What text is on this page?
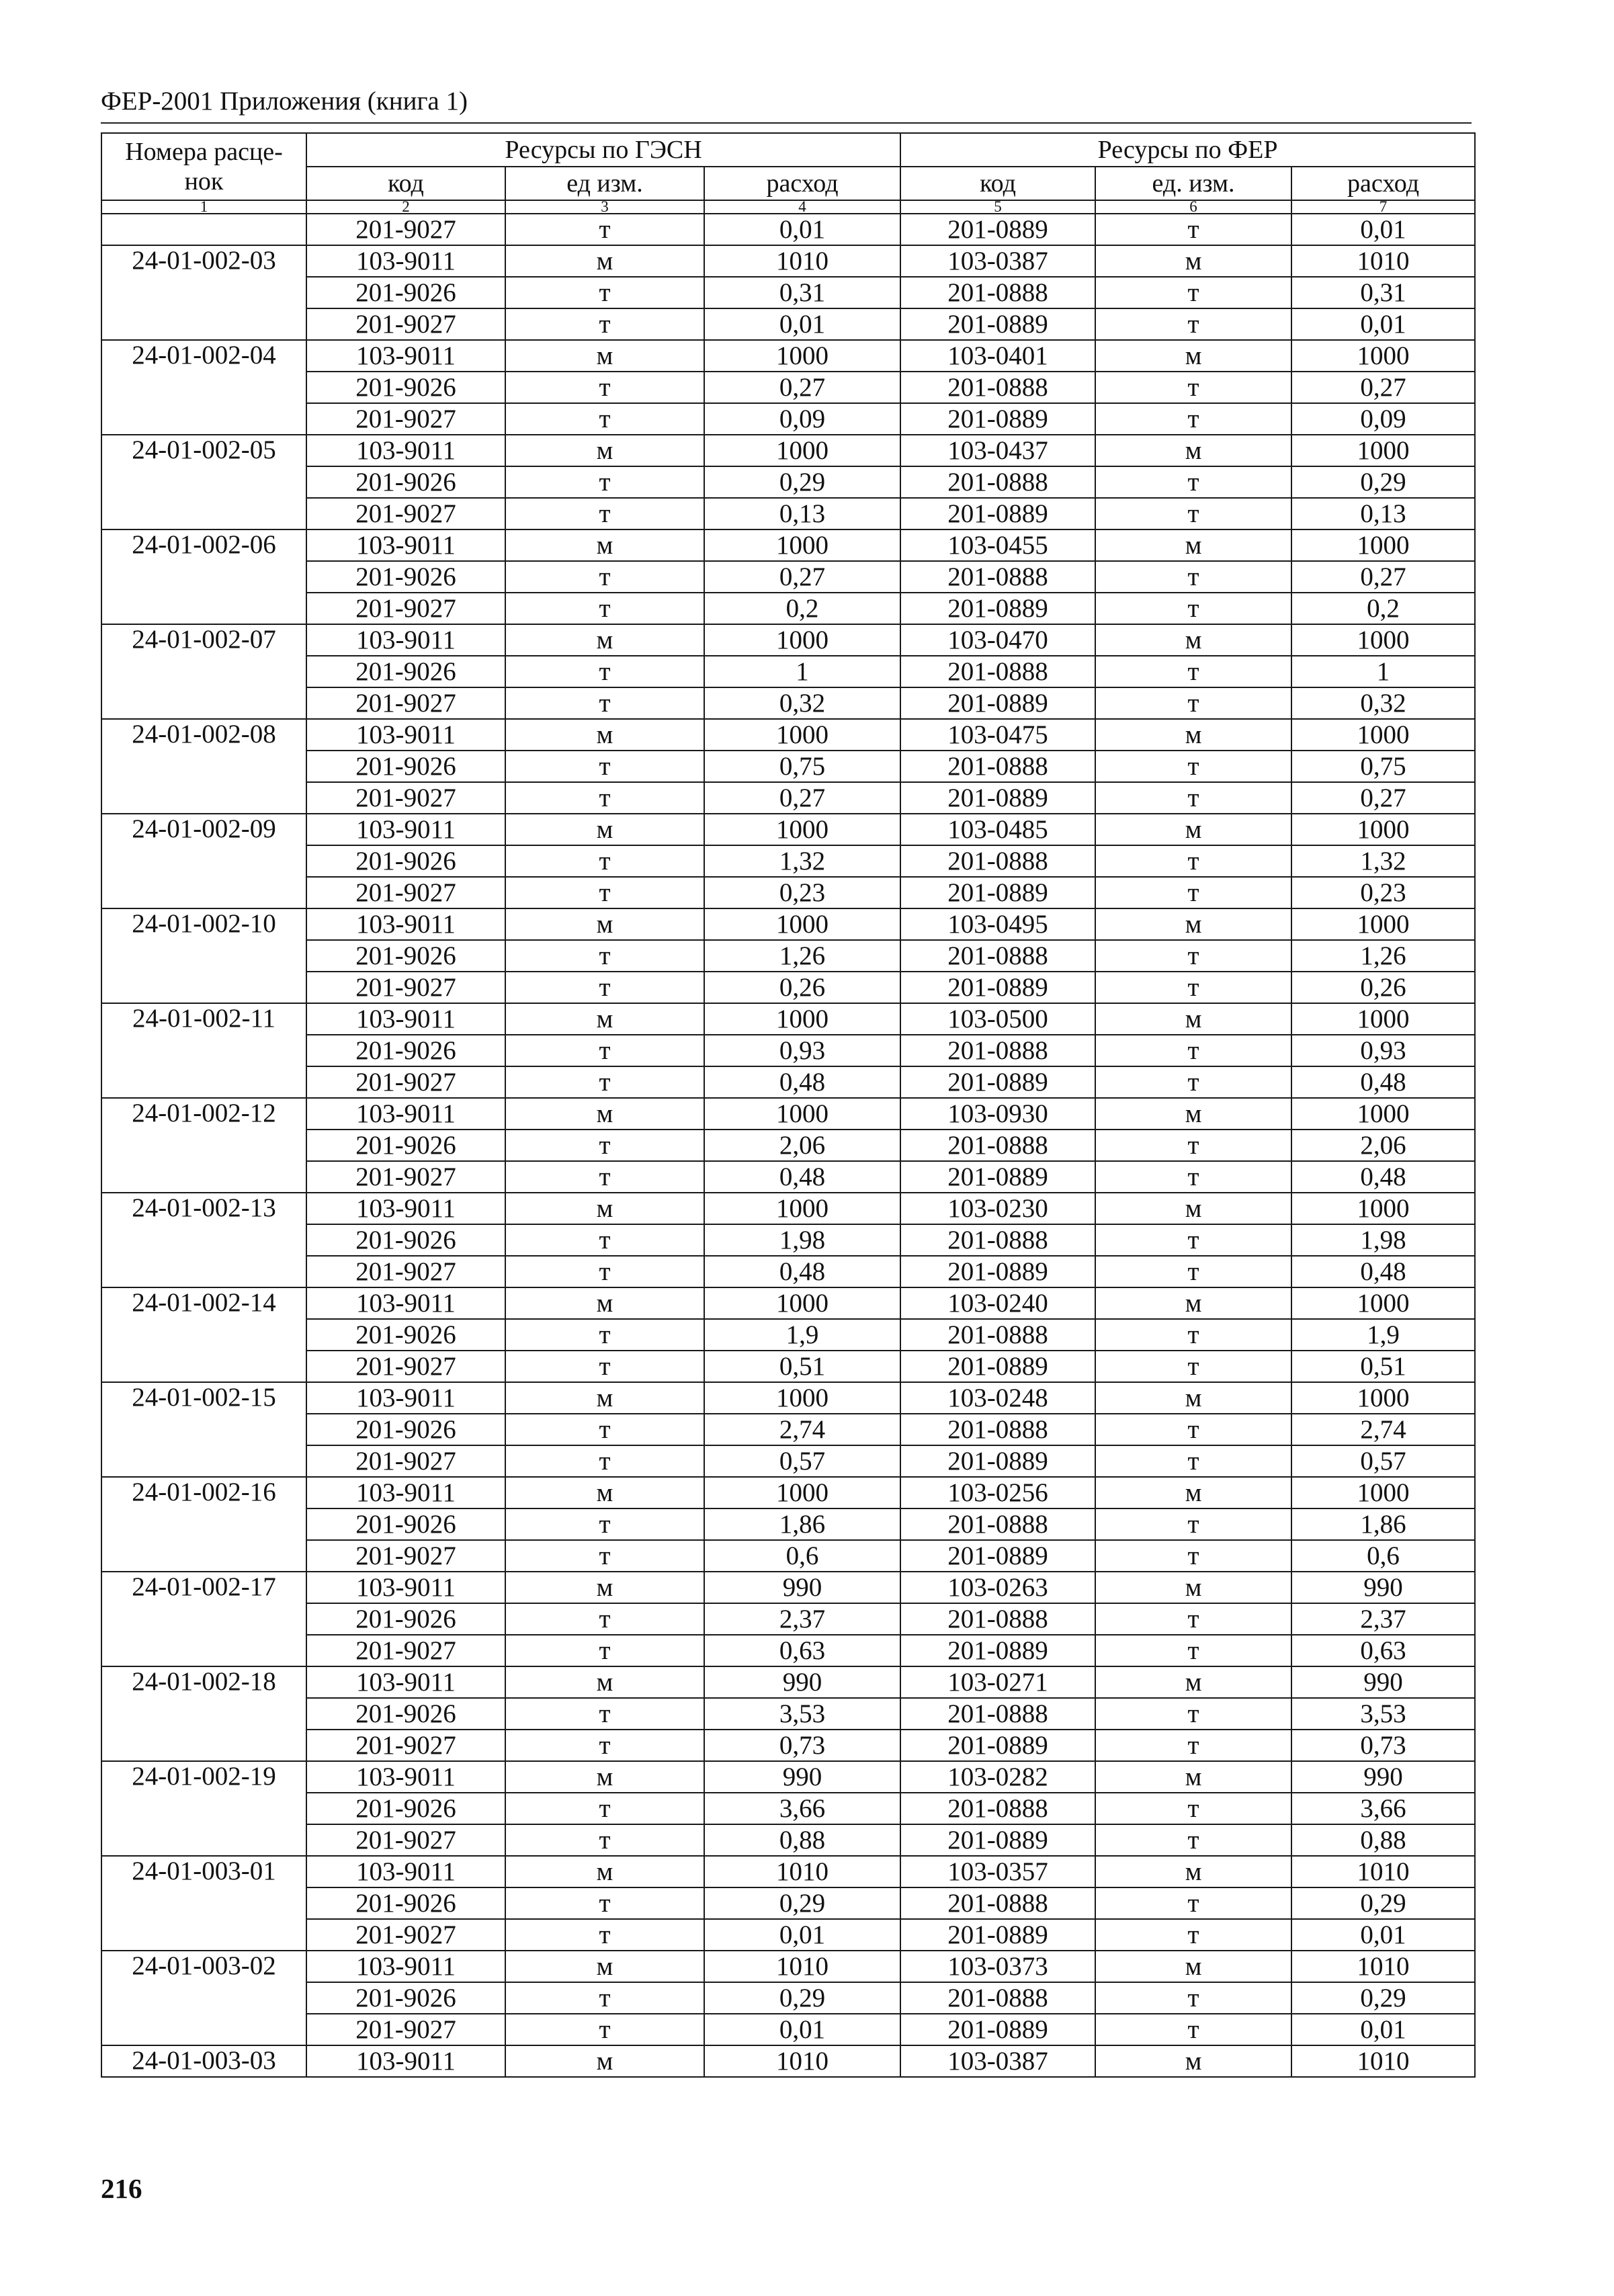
ФЕР-2001 Приложения (книга 1)
Номера расце-
нок	Ресурсы по ГЭСН			Ресурсы по ФЕР		
	код	ед изм.	расход	код	ед. изм.	расход
1	2	3	4	5	6	7
	201-9027	т	0,01	201-0889	т	0,01
24-01-002-03	103-9011	м	1010	103-0387	м	1010
	201-9026	т	0,31	201-0888	т	0,31
	201-9027	т	0,01	201-0889	т	0,01
24-01-002-04	103-9011	м	1000	103-0401	м	1000
	201-9026	т	0,27	201-0888	т	0,27
	201-9027	т	0,09	201-0889	т	0,09
24-01-002-05	103-9011	м	1000	103-0437	м	1000
	201-9026	т	0,29	201-0888	т	0,29
	201-9027	т	0,13	201-0889	т	0,13
24-01-002-06	103-9011	м	1000	103-0455	м	1000
	201-9026	т	0,27	201-0888	т	0,27
	201-9027	т	0,2	201-0889	т	0,2
24-01-002-07	103-9011	м	1000	103-0470	м	1000
	201-9026	т	1	201-0888	т	1
	201-9027	т	0,32	201-0889	т	0,32
24-01-002-08	103-9011	м	1000	103-0475	м	1000
	201-9026	т	0,75	201-0888	т	0,75
	201-9027	т	0,27	201-0889	т	0,27
24-01-002-09	103-9011	м	1000	103-0485	м	1000
	201-9026	т	1,32	201-0888	т	1,32
	201-9027	т	0,23	201-0889	т	0,23
24-01-002-10	103-9011	м	1000	103-0495	м	1000
	201-9026	т	1,26	201-0888	т	1,26
	201-9027	т	0,26	201-0889	т	0,26
24-01-002-11	103-9011	м	1000	103-0500	м	1000
	201-9026	т	0,93	201-0888	т	0,93
	201-9027	т	0,48	201-0889	т	0,48
24-01-002-12	103-9011	м	1000	103-0930	м	1000
	201-9026	т	2,06	201-0888	т	2,06
	201-9027	т	0,48	201-0889	т	0,48
24-01-002-13	103-9011	м	1000	103-0230	м	1000
	201-9026	т	1,98	201-0888	т	1,98
	201-9027	т	0,48	201-0889	т	0,48
24-01-002-14	103-9011	м	1000	103-0240	м	1000
	201-9026	т	1,9	201-0888	т	1,9
	201-9027	т	0,51	201-0889	т	0,51
24-01-002-15	103-9011	м	1000	103-0248	м	1000
	201-9026	т	2,74	201-0888	т	2,74
	201-9027	т	0,57	201-0889	т	0,57
24-01-002-16	103-9011	м	1000	103-0256	м	1000
	201-9026	т	1,86	201-0888	т	1,86
	201-9027	т	0,6	201-0889	т	0,6
24-01-002-17	103-9011	м	990	103-0263	м	990
	201-9026	т	2,37	201-0888	т	2,37
	201-9027	т	0,63	201-0889	т	0,63
24-01-002-18	103-9011	м	990	103-0271	м	990
	201-9026	т	3,53	201-0888	т	3,53
	201-9027	т	0,73	201-0889	т	0,73
24-01-002-19	103-9011	м	990	103-0282	м	990
	201-9026	т	3,66	201-0888	т	3,66
	201-9027	т	0,88	201-0889	т	0,88
24-01-003-01	103-9011	м	1010	103-0357	м	1010
	201-9026	т	0,29	201-0888	т	0,29
	201-9027	т	0,01	201-0889	т	0,01
24-01-003-02	103-9011	м	1010	103-0373	м	1010
	201-9026	т	0,29	201-0888	т	0,29
	201-9027	т	0,01	201-0889	т	0,01
24-01-003-03	103-9011	м	1010	103-0387	м	1010
216
